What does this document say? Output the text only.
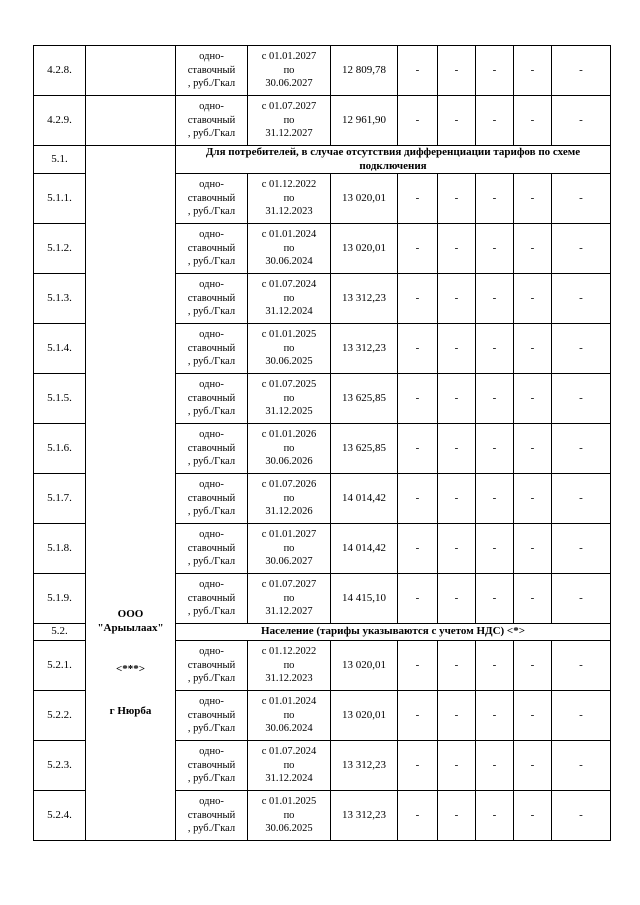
4.2.8.		одно-
ставочный
, руб./Гкал	с 01.01.2027
по
30.06.2027	12 809,78	-	-	-	-	-
4.2.9.		одно-
ставочный
, руб./Гкал	с 01.07.2027
по
31.12.2027	12 961,90	-	-	-	-	-
5.1.	ООО
"Арыылаах"
<***>
г Нюрба	Для потребителей, в случае отсутствия дифференциации тарифов по схеме подключения							
5.1.1.		одно-
ставочный
, руб./Гкал	с 01.12.2022
по
31.12.2023	13 020,01	-	-	-	-	-
5.1.2.		одно-
ставочный
, руб./Гкал	с 01.01.2024
по
30.06.2024	13 020,01	-	-	-	-	-
5.1.3.		одно-
ставочный
, руб./Гкал	с 01.07.2024
по
31.12.2024	13 312,23	-	-	-	-	-
5.1.4.		одно-
ставочный
, руб./Гкал	с 01.01.2025
по
30.06.2025	13 312,23	-	-	-	-	-
5.1.5.		одно-
ставочный
, руб./Гкал	с 01.07.2025
по
31.12.2025	13 625,85	-	-	-	-	-
5.1.6.		одно-
ставочный
, руб./Гкал	с 01.01.2026
по
30.06.2026	13 625,85	-	-	-	-	-
5.1.7.		одно-
ставочный
, руб./Гкал	с 01.07.2026
по
31.12.2026	14 014,42	-	-	-	-	-
5.1.8.		одно-
ставочный
, руб./Гкал	с 01.01.2027
по
30.06.2027	14 014,42	-	-	-	-	-
5.1.9.		одно-
ставочный
, руб./Гкал	с 01.07.2027
по
31.12.2027	14 415,10	-	-	-	-	-
5.2.		Население (тарифы указываются с учетом НДС) <*>							
5.2.1.		одно-
ставочный
, руб./Гкал	с 01.12.2022
по
31.12.2023	13 020,01	-	-	-	-	-
5.2.2.		одно-
ставочный
, руб./Гкал	с 01.01.2024
по
30.06.2024	13 020,01	-	-	-	-	-
5.2.3.		одно-
ставочный
, руб./Гкал	с 01.07.2024
по
31.12.2024	13 312,23	-	-	-	-	-
5.2.4.		одно-
ставочный
, руб./Гкал	с 01.01.2025
по
30.06.2025	13 312,23	-	-	-	-	-
